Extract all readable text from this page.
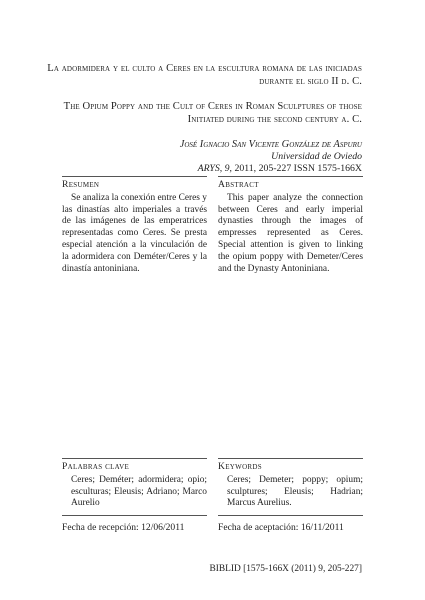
La adormidera y el culto a Ceres en la escultura romana de las iniciadas durante el siglo II d. C.
The Opium Poppy and the Cult of Ceres in Roman Sculptures of those Initiated during the second century a. C.
José Ignacio San Vicente González de Aspuru
Universidad de Oviedo
ARYS, 9, 2011, 205-227 ISSN 1575-166X
Resumen

Se analiza la conexión entre Ceres y las dinastías alto imperiales a través de las imágenes de las emperatrices representadas como Ceres. Se presta especial atención a la vinculación de la adormidera con Deméter/Ceres y la dinastía antoniniana.

Abstract

This paper analyze the connection between Ceres and early imperial dynasties through the images of empresses represented as Ceres. Special attention is given to linking the opium poppy with Demeter/Ceres and the Dynasty Antoniniana.

Palabras clave

Ceres; Deméter; adormidera; opio; esculturas; Eleusis; Adriano; Marco Aurelio

Keywords

Ceres; Demeter; poppy; opium; sculptures; Eleusis; Hadrian; Marcus Aurelius.

Fecha de recepción: 12/06/2011	Fecha de aceptación: 16/11/2011
BIBLID [1575-166X (2011) 9, 205-227]
